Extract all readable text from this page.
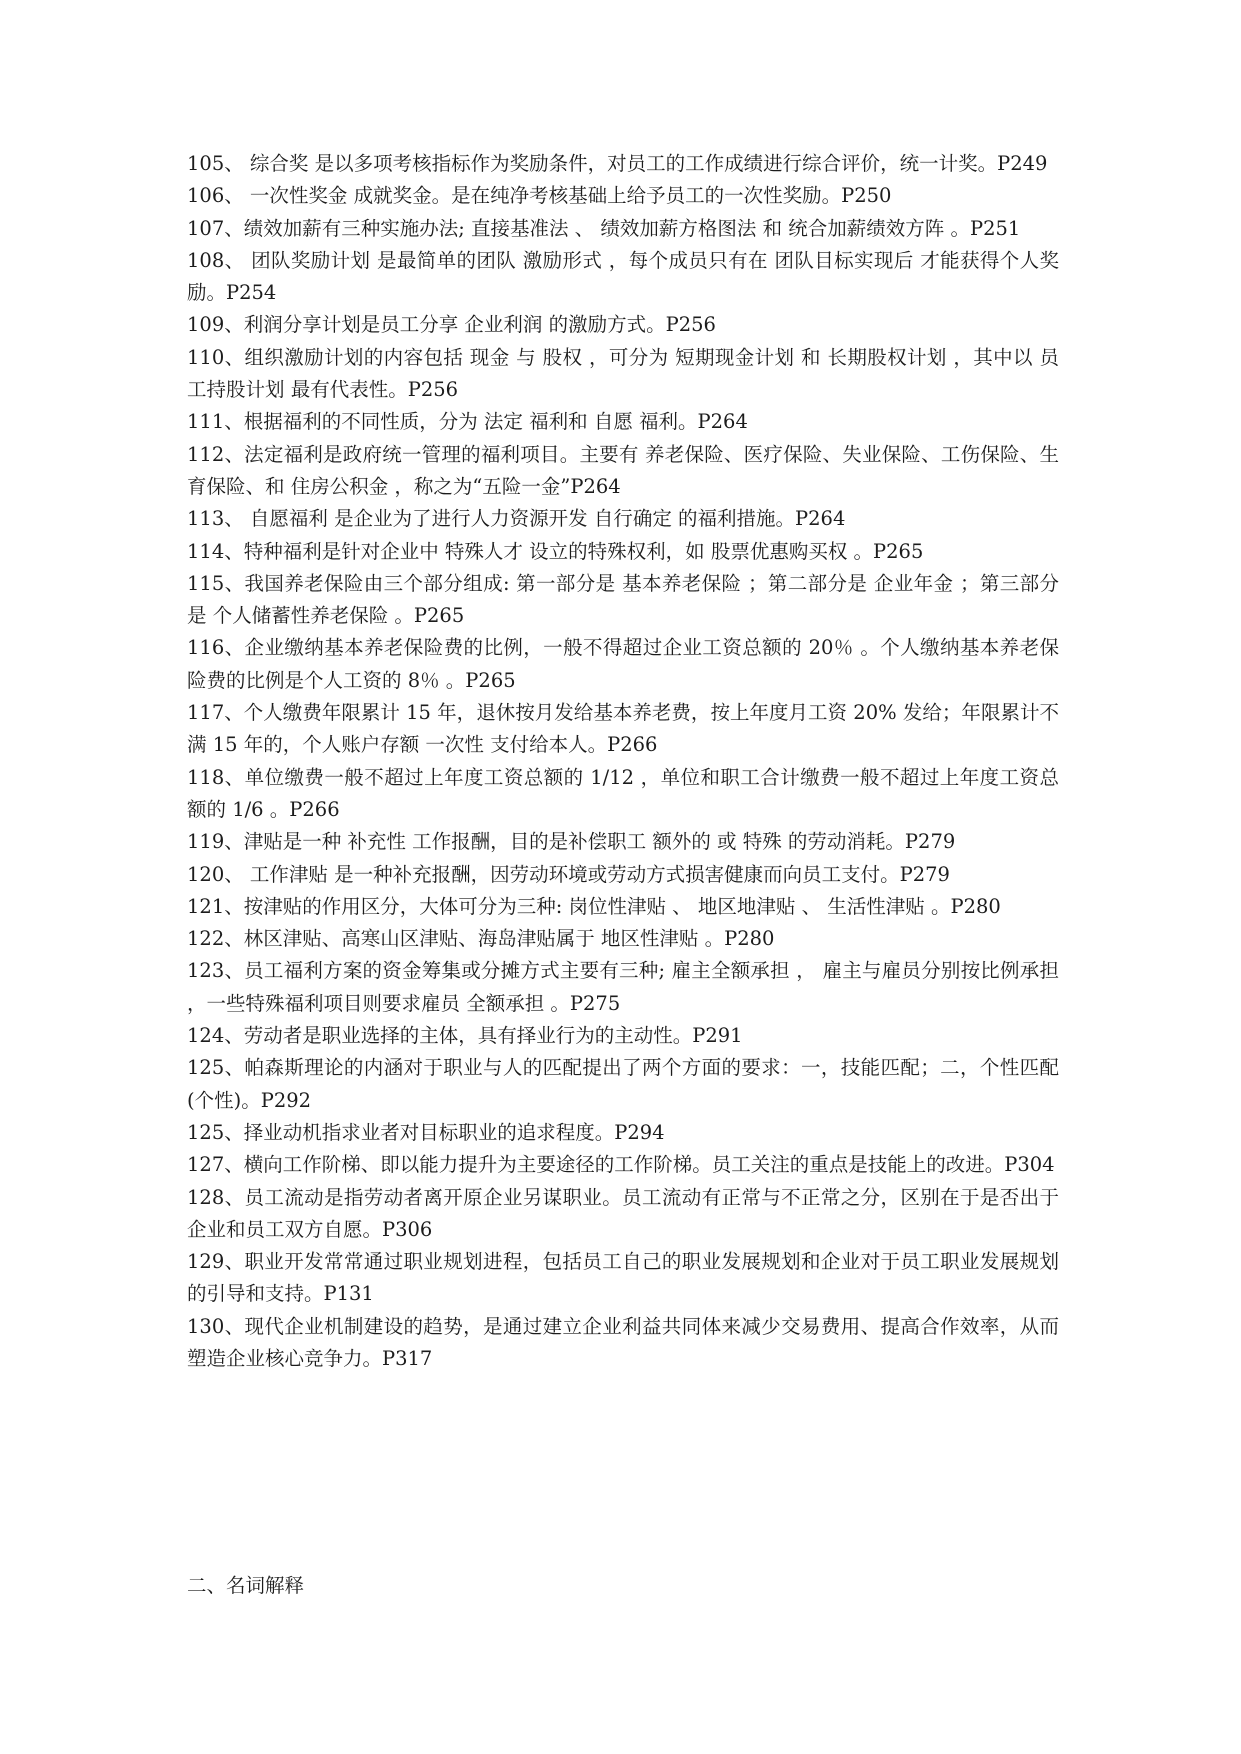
105、 综合奖 是以多项考核指标作为奖励条件，对员工的工作成绩进行综合评价，统一计奖。P249

106、 一次性奖金 成就奖金。是在纯净考核基础上给予员工的一次性奖励。P250

107、绩效加薪有三种实施办法; 直接基准法 、 绩效加薪方格图法 和 统合加薪绩效方阵 。P251

108、 团队奖励计划 是最简单的团队 激励形式 ，每个成员只有在 团队目标实现后 才能获得个人奖励。P254

109、利润分享计划是员工分享 企业利润 的激励方式。P256

110、组织激励计划的内容包括 现金 与 股权 ，可分为 短期现金计划 和 长期股权计划 ，其中以 员工持股计划 最有代表性。P256

111、根据福利的不同性质，分为 法定 福利和 自愿 福利。P264

112、法定福利是政府统一管理的福利项目。主要有 养老保险、医疗保险、失业保险、工伤保险、生育保险、和 住房公积金 ，称之为“五险一金”P264

113、 自愿福利 是企业为了进行人力资源开发 自行确定 的福利措施。P264

114、特种福利是针对企业中 特殊人才 设立的特殊权利，如 股票优惠购买权 。P265

115、我国养老保险由三个部分组成: 第一部分是 基本养老保险 ；第二部分是 企业年金 ；第三部分是 个人储蓄性养老保险 。P265

116、企业缴纳基本养老保险费的比例，一般不得超过企业工资总额的 20％ 。个人缴纳基本养老保险费的比例是个人工资的 8％ 。P265

117、个人缴费年限累计 15 年，退休按月发给基本养老费，按上年度月工资 20% 发给；年限累计不满 15 年的，个人账户存额 一次性 支付给本人。P266

118、单位缴费一般不超过上年度工资总额的 1/12 ，单位和职工合计缴费一般不超过上年度工资总额的 1/6 。P266

119、津贴是一种 补充性 工作报酬，目的是补偿职工 额外的 或 特殊 的劳动消耗。P279

120、 工作津贴 是一种补充报酬，因劳动环境或劳动方式损害健康而向员工支付。P279

121、按津贴的作用区分，大体可分为三种: 岗位性津贴 、 地区地津贴 、 生活性津贴 。P280

122、林区津贴、高寒山区津贴、海岛津贴属于 地区性津贴 。P280

123、员工福利方案的资金筹集或分摊方式主要有三种; 雇主全额承担 ， 雇主与雇员分别按比例承担 ，一些特殊福利项目则要求雇员 全额承担 。P275

124、劳动者是职业选择的主体，具有择业行为的主动性。P291

125、帕森斯理论的内涵对于职业与人的匹配提出了两个方面的要求：一，技能匹配；二，个性匹配(个性)。P292

125、择业动机指求业者对目标职业的追求程度。P294

127、横向工作阶梯、即以能力提升为主要途径的工作阶梯。员工关注的重点是技能上的改进。P304

128、员工流动是指劳动者离开原企业另谋职业。员工流动有正常与不正常之分，区别在于是否出于企业和员工双方自愿。P306

129、职业开发常常通过职业规划进程，包括员工自己的职业发展规划和企业对于员工职业发展规划的引导和支持。P131

130、现代企业机制建设的趋势，是通过建立企业利益共同体来减少交易费用、提高合作效率，从而塑造企业核心竞争力。P317

二、名词解释
